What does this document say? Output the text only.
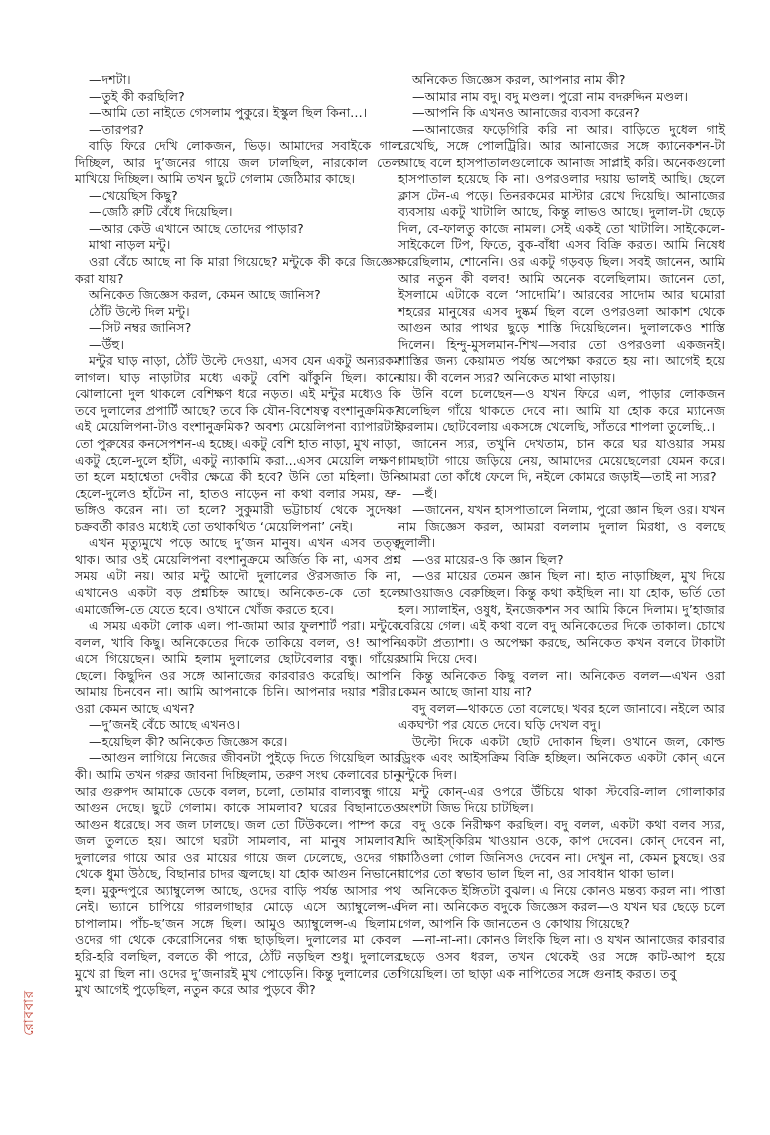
রোববার

—দশটা।

—তুই কী করছিলি?

—আমি তো নাইতে গেসলাম পুকুরে। ইস্কুল ছিল কিনা…।

—তারপর?

বাড়ি ফিরে দেখি লোকজন, ভিড়। আমাদের সবাইকে গাল দিচ্ছিল, আর দু’জনের গায়ে জল ঢালছিল, নারকোল তেল মাখিয়ে দিচ্ছিল। আমি তখন ছুটে গেলাম জেঠিমার কাছে।

—খেয়েছিস কিছু?

—জেঠি রুটি বেঁধে দিয়েছিল।

—আর কেউ এখানে আছে তোদের পাড়ার?

মাথা নাড়ল মন্টু।

ওরা বেঁচে আছে না কি মারা গিয়েছে? মন্টুকে কী করে জিজ্ঞেস করা যায়?

অনিকেত জিজ্ঞেস করল, কেমন আছে জানিস?

ঠোঁট উল্টে দিল মন্টু।

—সিট নম্বর জানিস?

—উঁহু।

মন্টুর ঘাড় নাড়া, ঠোঁট উল্টে দেওয়া, এসব যেন একটু অন্যরকম লাগল। ঘাড় নাড়াটার মধ্যে একটু বেশি ঝাঁকুনি ছিল। কানে ঝোলানো দুল থাকলে বেশিক্ষণ ধরে নড়ত। এই মন্টুর মধ্যেও কি তবে দুলালের প্রপার্টি আছে? তবে কি যৌন-বিশেষত্ব বংশানুক্রমিক? এই মেয়েলিপনা-টাও বংশানুক্রমিক? অবশ্য মেয়েলিপনা ব্যাপারটাই তো পুরুষের কনসেপশন-এ হচ্ছে। একটু বেশি হাত নাড়া, মুখ নাড়া, একটু হেলে-দুলে হাঁটা, একটু ন্যাকামি করা...এসব মেয়েলি লক্ষণ। তা হলে মহাশ্বেতা দেবীর ক্ষেত্রে কী হবে? উনি তো মহিলা। উনি হেলে-দুলেও হাঁটেন না, হাতও নাড়েন না কথা বলার সময়, ভ্রু-ভঙ্গিও করেন না। তা হলে? সুকুমারী ভট্টাচার্য থেকে সুদেষ্ণা চক্রবর্তী কারও মধ্যেই তো তথাকথিত ‘মেয়েলিপনা’ নেই।

এখন মৃত্যুমুখে পড়ে আছে দু’জন মানুষ। এখন এসব তত্ত্ব থাক। আর ওই মেয়েলিপনা বংশানুক্রমে অর্জিত কি না, এসব প্রশ্ন সময় এটা নয়। আর মন্টু আদৌ দুলালের ঔরসজাত কি না, এখানেও একটা বড় প্রশ্নচিহ্ন আছে। অনিকেত-কে তো হলে এমার্জেন্সি-তে যেতে হবে। ওখানে খোঁজ করতে হবে।

এ সময় একটা লোক এল। পা-জামা আর ফুলশার্ট পরা। মন্টুকে বলল, খাবি কিছু। অনিকেতের দিকে তাকিয়ে বলল, ও! আপনি এসে গিয়েছেন। আমি হলাম দুলালের ছোটবেলার বন্ধু। গাঁয়ের ছেলে। কিছুদিন ওর সঙ্গে আনাজের কারবারও করেছি। আপনি আমায় চিনবেন না। আমি আপনাকে চিনি। আপনার দয়ার শরীর। ওরা কেমন আছে এখন?

—দু’জনই বেঁচে আছে এখনও।

—হয়েছিল কী? অনিকেত জিজ্ঞেস করে।

—আগুন লাগিয়ে নিজের জীবনটা পুইড়ে দিতে গিয়েছিল আর কী। আমি তখন গরুর জাবনা দিচ্ছিলাম, তরুণ সংঘ কেলাবের চানু আর গুরুপদ আমাকে ডেকে বলল, চলো, তোমার বাল্যবন্ধু গায়ে আগুন দেছে। ছুটে গেলাম। কাকে সামলাব? ঘরের বিছানাতেও আগুন ধরেছে। সব জল ঢালছে। জল তো টিউকলে। পাম্প করে জল তুলতে হয়। আগে ঘরটা সামলাব, না মানুষ সামলাব? দুলালের গায়ে আর ওর মায়ের গায়ে জল ঢেলেছে, ওদের গা থেকে ধুমা উঠছে, বিছানার চাদর জ্বলছে। যা হোক আগুন নিভানো হল। মুকুন্দপুরে অ্যাম্বুলেন্স আছে, ওদের বাড়ি পর্যন্ত আসার পথ নেই। ভ্যানে চাপিয়ে গারলগাছার মোড়ে এসে অ্যাম্বুলেন্স-এ চাপালাম। পাঁচ-ছ’জন সঙ্গে ছিল। আমুও অ্যাম্বুলেন্স-এ ছিলাম। ওদের গা থেকে কেরোসিনের গন্ধ ছাড়ছিল। দুলালের মা কেবল হরি-হরি বলছিল, বলতে কী পারে, ঠোঁট নড়ছিল শুধু। দুলালের মুখে রা ছিল না। ওদের দু’জনারই মুখ পোড়েনি। কিন্তু দুলালের তো মুখ আগেই পুড়েছিল, নতুন করে আর পুড়বে কী?

অনিকেত জিজ্ঞেস করল, আপনার নাম কী?

—আমার নাম বদু। বদু মণ্ডল। পুরো নাম বদরুদ্দিন মণ্ডল।

—আপনি কি এখনও আনাজের ব্যবসা করেন?

—আনাজের ফড়েগিরি করি না আর। বাড়িতে দুধেল গাই রেখেছি, সঙ্গে পোলট্রিরি। আর আনাজের সঙ্গে ক্যানেকশন-টা আছে বলে হাসপাতালগুলোকে আনাজ সাপ্লাই করি। অনেকগুলো হাসপাতাল হয়েছে কি না। ওপরওলার দয়ায় ভালই আছি। ছেলে ক্লাস টেন-এ পড়ে। তিনরকমের মাস্টার রেখে দিয়েছি। আনাজের ব্যবসায় একটু খাটালি আছে, কিন্তু লাভও আছে। দুলাল-টা ছেড়ে দিল, বে-ফালতু কাজে নামল। সেই একই তো খাটালি। সাইকেলে-সাইকেলে টিপ, ফিতে, বুক-বাঁধা এসব বিক্রি করত। আমি নিষেধ করেছিলাম, শোনেনি। ওর একটু গড়বড় ছিল। সবই জানেন, আমি আর নতুন কী বলব! আমি অনেক বলেছিলাম। জানেন তো, ইসলামে এটাকে বলে ‘সাদোমি’। আরবের সাদোম আর ঘমোরা শহরের মানুষের এসব দুষ্কর্ম ছিল বলে ওপরওলা আকাশ থেকে আগুন আর পাথর ছুড়ে শাস্তি দিয়েছিলেন। দুলালকেও শাস্তি দিলেন। হিন্দু-মুসলমান-শিখ—সবার তো ওপরওলা একজনই। শাস্তির জন্য কেয়ামত পর্যন্ত অপেক্ষা করতে হয় না। আগেই হয়ে যায়। কী বলেন স্যর? অনিকেত মাথা নাড়ায়।

উনি বলে চলেছেন—ও যখন ফিরে এল, পাড়ার লোকজন বলেছিল গাঁয়ে থাকতে দেবে না। আমি যা হোক করে ম্যানেজ করলাম। ছোটবেলায় একসঙ্গে খেলেছি, সাঁতরে শাপলা তুলেছি..।

জানেন স্যর, তখুনি দেখতাম, চান করে ঘর যাওয়ার সময় গামছাটা গায়ে জড়িয়ে নেয়, আমাদের মেয়েছেলেরা যেমন করে। আমরা তো কাঁধে ফেলে দি, নইলে কোমরে জড়াই—তাই না স্যর?

—হুঁ।

—জানেন, যখন হাসপাতালে নিলাম, পুরো জ্ঞান ছিল ওর। যখন নাম জিজ্ঞেস করল, আমরা বললাম দুলাল মিরধা, ও বলছে দুলালী।

—ওর মায়ের-ও কি জ্ঞান ছিল?

—ওর মায়ের তেমন জ্ঞান ছিল না। হাত নাড়াচ্ছিল, মুখ দিয়ে আওয়াজও বেরুচ্ছিল। কিন্তু কথা কইছিল না। যা হোক, ভর্তি তো হল। স্যালাইন, ওষুধ, ইনজেকশন সব আমি কিনে দিলাম। দু’হাজার বেরিয়ে গেল। এই কথা বলে বদু অনিকেতের দিকে তাকাল। চোখে একটা প্রত্যাশা। ও অপেক্ষা করছে, অনিকেত কখন বলবে টাকাটা আমি দিয়ে দেব।

কিন্তু অনিকেত কিছু বলল না। অনিকেত বলল—এখন ওরা কেমন আছে জানা যায় না?

বদু বলল—থাকতে তো বলেছে। খবর হলে জানাবে। নইলে আর একঘণ্টা পর যেতে দেবে। ঘড়ি দেখল বদু।

উল্টো দিকে একটা ছোট দোকান ছিল। ওখানে জল, কোল্ড ড্রিংক এবং আইসক্রিম বিক্রি হচ্ছিল। অনিকেত একটা কোন্ এনে মন্টুকে দিল।

মন্টু কোন্-এর ওপরে উঁচিয়ে থাকা স্টবেরি-লাল গোলাকার অংশটা জিভ দিয়ে চাটছিল।

বদু ওকে নিরীক্ষণ করছিল। বদু বলল, একটা কথা বলব স্যর, যদি আইস্‌কিরিম খাওয়ান ওকে, কাপ দেবেন। কোন্ দেবেন না, কাঠিওলা গোল জিনিসও দেবেন না। দেখুন না, কেমন চুষছে। ওর বাপের তো স্বভাব ভাল ছিল না, ওর সাবধান থাকা ভাল।

অনিকেত ইঙ্গিতটা বুঝল। এ নিয়ে কোনও মন্তব্য করল না। পাত্তা দিল না। অনিকেত বদুকে জিজ্ঞেস করল—ও যখন ঘর ছেড়ে চলে গেল, আপনি কি জানতেন ও কোথায় গিয়েছে?

—না-না-না। কোনও লিংকি ছিল না। ও যখন আনাজের কারবার ছেড়ে ওসব ধরল, তখন থেকেই ওর সঙ্গে কাট-আপ হয়ে গিয়েছিল। তা ছাড়া এক নাপিতের সঙ্গে গুনাহ করত। তবু
